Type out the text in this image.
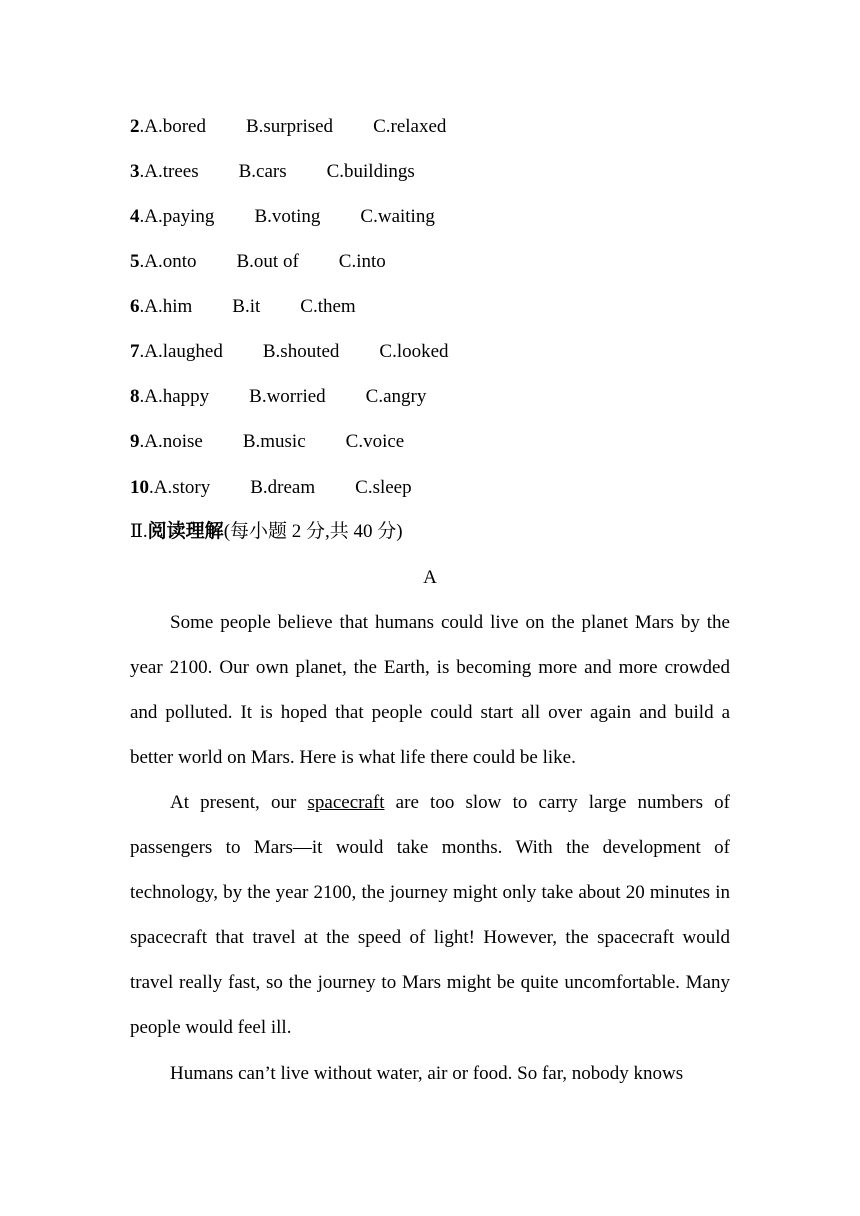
2.A.bored B.surprised C.relaxed
3.A.trees B.cars C.buildings
4.A.paying B.voting C.waiting
5.A.onto B.out of C.into
6.A.him B.it C.them
7.A.laughed B.shouted C.looked
8.A.happy B.worried C.angry
9.A.noise B.music C.voice
10.A.story B.dream C.sleep
Ⅱ.阅读理解(每小题 2 分,共 40 分)
A

Some people believe that humans could live on the planet Mars by the year 2100. Our own planet, the Earth, is becoming more and more crowded and polluted. It is hoped that people could start all over again and build a better world on Mars. Here is what life there could be like.

At present, our spacecraft are too slow to carry large numbers of passengers to Mars—it would take months. With the development of technology, by the year 2100, the journey might only take about 20 minutes in spacecraft that travel at the speed of light! However, the spacecraft would travel really fast, so the journey to Mars might be quite uncomfortable. Many people would feel ill.

Humans can’t live without water, air or food. So far, nobody knows
